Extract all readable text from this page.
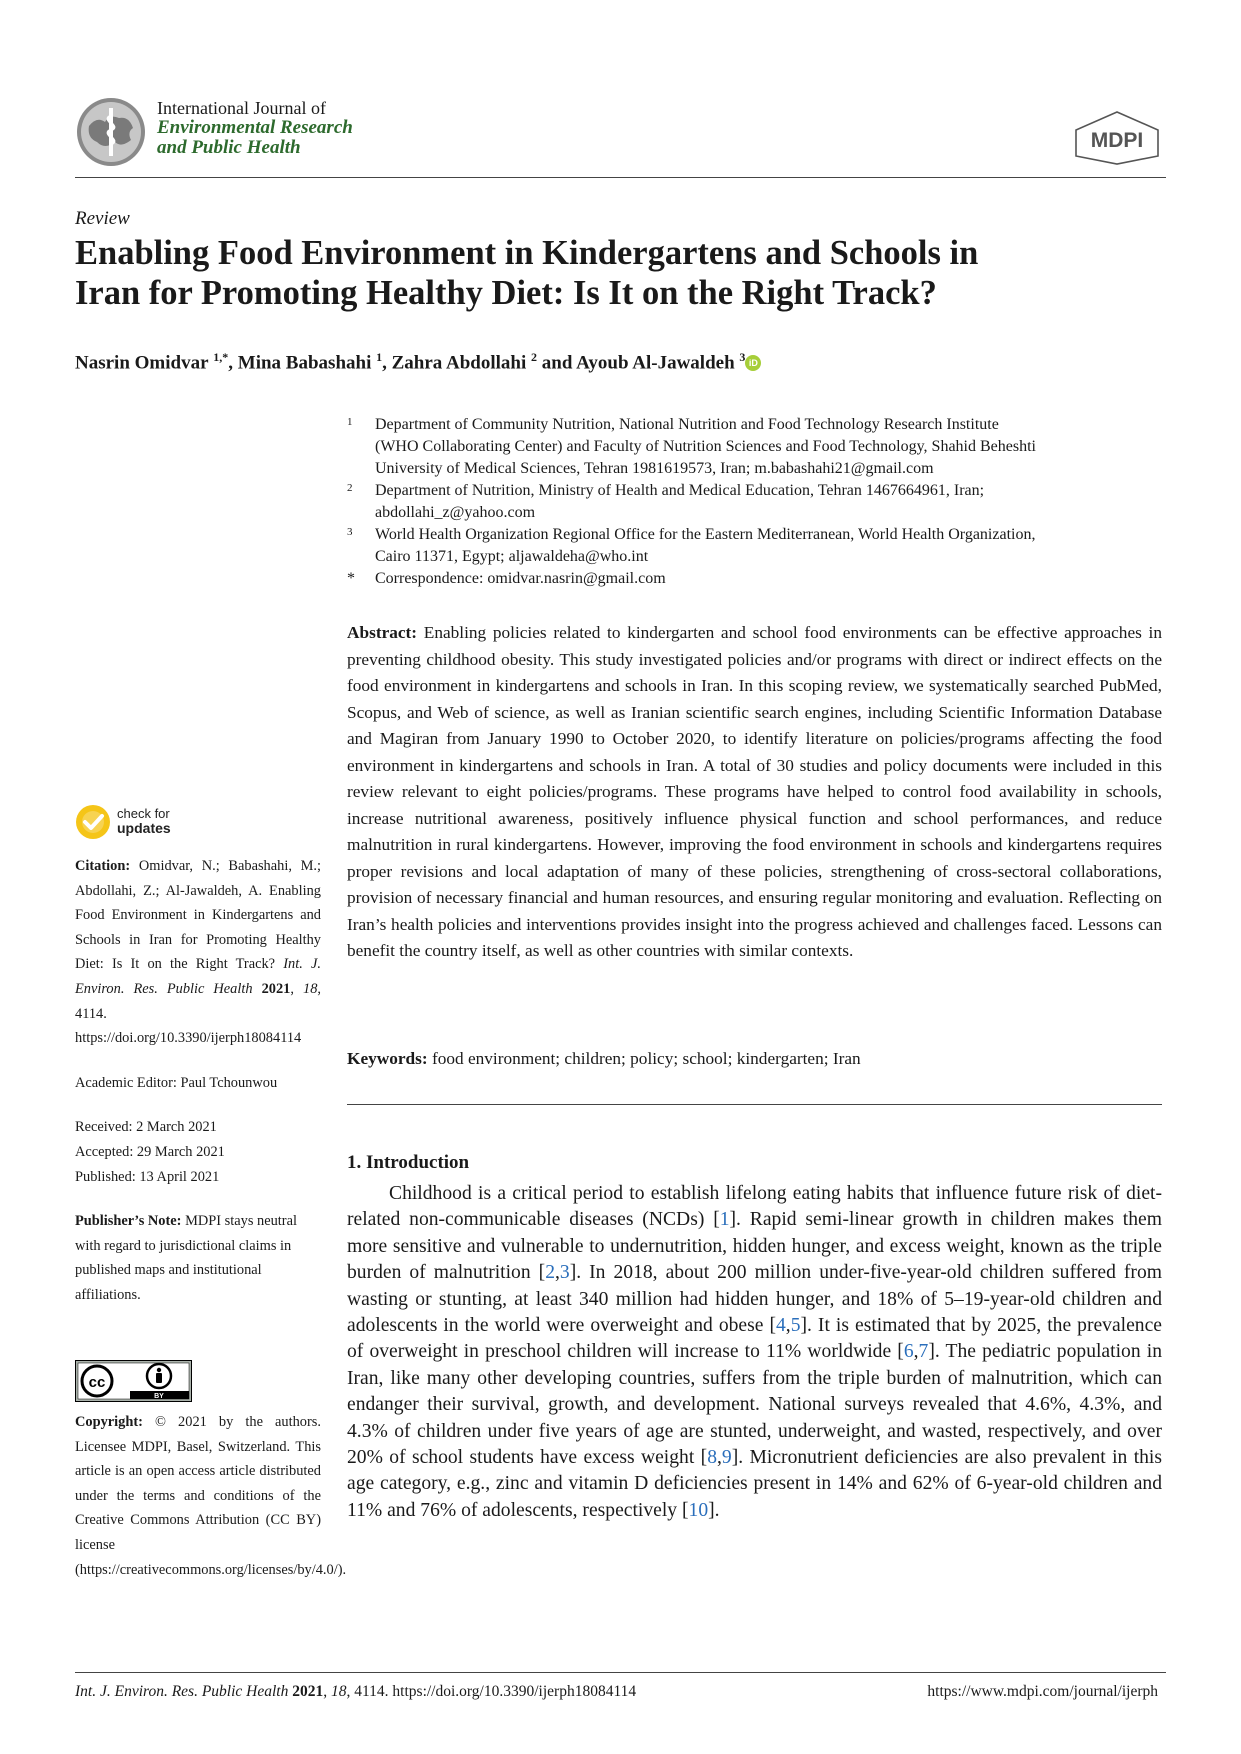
International Journal of
Environmental Research
and Public Health	MDPI
Review
Enabling Food Environment in Kindergartens and Schools in
Iran for Promoting Healthy Diet: Is It on the Right Track?
Nasrin Omidvar $^{1,*}$, Mina Babashahi $^1$, Zahra Abdollahi $^2$ and Ayoub Al-Jawaldeh $^3$ iD
1 Department of Community Nutrition, National Nutrition and Food Technology Research Institute
(WHO Collaborating Center) and Faculty of Nutrition Sciences and Food Technology, Shahid Beheshti
University of Medical Sciences, Tehran 1981619573, Iran; m.babashahi21@gmail.com
2 Department of Nutrition, Ministry of Health and Medical Education, Tehran 1467664961, Iran;
abdollahi_z@yahoo.com
3 World Health Organization Regional Office for the Eastern Mediterranean, World Health Organization,
Cairo 11371, Egypt; aljawaldeha@who.int
* Correspondence: omidvar.nasrin@gmail.com
Abstract: Enabling policies related to kindergarten and school food environments can be effective approaches in preventing childhood obesity. This study investigated policies and/or programs with direct or indirect effects on the food environment in kindergartens and schools in Iran. In this scoping review, we systematically searched PubMed, Scopus, and Web of science, as well as Iranian scientific search engines, including Scientific Information Database and Magiran from January 1990 to October 2020, to identify literature on policies/programs affecting the food environment in kindergartens and schools in Iran. A total of 30 studies and policy documents were included in this review relevant to eight policies/programs. These programs have helped to control food availability in schools, increase nutritional awareness, positively influence physical function and school performances, and reduce malnutrition in rural kindergartens. However, improving the food environment in schools and kindergartens requires proper revisions and local adaptation of many of these policies, strengthening of cross-sectoral collaborations, provision of necessary financial and human resources, and ensuring regular monitoring and evaluation. Reflecting on Iran’s health policies and interventions provides insight into the progress achieved and challenges faced. Lessons can benefit the country itself, as well as other countries with similar contexts.
Keywords: food environment; children; policy; school; kindergarten; Iran
1. Introduction
Childhood is a critical period to establish lifelong eating habits that influence future risk of diet-related non-communicable diseases (NCDs) [1]. Rapid semi-linear growth in children makes them more sensitive and vulnerable to undernutrition, hidden hunger, and excess weight, known as the triple burden of malnutrition [2,3]. In 2018, about 200 million under-five-year-old children suffered from wasting or stunting, at least 340 million had hidden hunger, and 18% of 5–19-year-old children and adolescents in the world were overweight and obese [4,5]. It is estimated that by 2025, the prevalence of overweight in preschool children will increase to 11% worldwide [6,7]. The pediatric population in Iran, like many other developing countries, suffers from the triple burden of malnutrition, which can endanger their survival, growth, and development. National surveys revealed that 4.6%, 4.3%, and 4.3% of children under five years of age are stunted, underweight, and wasted, respectively, and over 20% of school students have excess weight [8,9]. Micronutrient deficiencies are also prevalent in this age category, e.g., zinc and vitamin D deficiencies present in 14% and 62% of 6-year-old children and 11% and 76% of adolescents, respectively [10].
check for
updates

Citation: Omidvar, N.; Babashahi, M.; Abdollahi, Z.; Al-Jawaldeh, A. Enabling Food Environment in Kindergartens and Schools in Iran for Promoting Healthy Diet: Is It on the Right Track? Int. J. Environ. Res. Public Health 2021, 18, 4114. https://doi.org/10.3390/ijerph18084114

Academic Editor: Paul Tchounwou

Received: 2 March 2021
Accepted: 29 March 2021
Published: 13 April 2021

Publisher’s Note: MDPI stays neutral with regard to jurisdictional claims in published maps and institutional affiliations.

cc
BY
Copyright: © 2021 by the authors. Licensee MDPI, Basel, Switzerland. This article is an open access article distributed under the terms and conditions of the Creative Commons Attribution (CC BY) license (https://creativecommons.org/licenses/by/4.0/).
Int. J. Environ. Res. Public Health 2021, 18, 4114. https://doi.org/10.3390/ijerph18084114	https://www.mdpi.com/journal/ijerph
